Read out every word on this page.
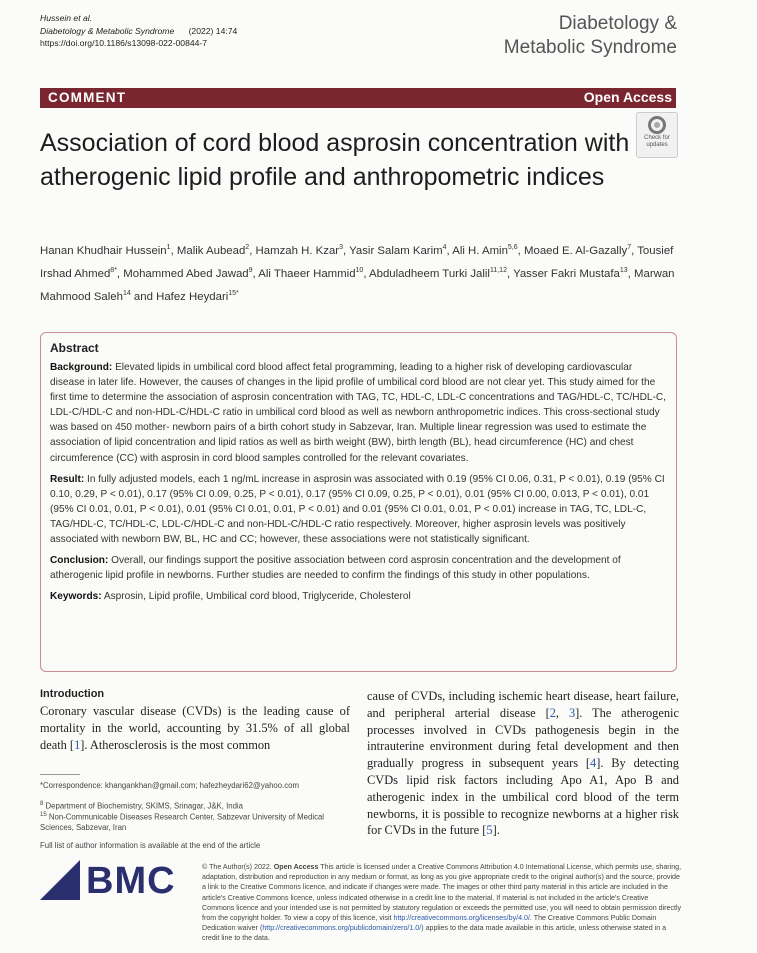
Hussein et al.
Diabetology & Metabolic Syndrome (2022) 14:74
https://doi.org/10.1186/s13098-022-00844-7
Diabetology &
Metabolic Syndrome
COMMENT	Open Access
Association of cord blood asprosin concentration with atherogenic lipid profile and anthropometric indices
Check for
updates
Hanan Khudhair Hussein$^1$, Malik Aubead$^2$, Hamzah H. Kzar$^3$, Yasir Salam Karim$^4$, Ali H. Amin$^{5,6}$, Moaed E. Al-Gazally$^7$, Tousief Irshad Ahmed$^{8*}$, Mohammed Abed Jawad$^9$, Ali Thaeer Hammid$^{10}$, Abduladheem Turki Jalil$^{11,12}$, Yasser Fakri Mustafa$^{13}$, Marwan Mahmood Saleh$^{14}$ and Hafez Heydari$^{15*}$
Abstract

Background: Elevated lipids in umbilical cord blood affect fetal programming, leading to a higher risk of developing cardiovascular disease in later life. However, the causes of changes in the lipid profile of umbilical cord blood are not clear yet. This study aimed for the first time to determine the association of asprosin concentration with TAG, TC, HDL-C, LDL-C concentrations and TAG/HDL-C, TC/HDL-C, LDL-C/HDL-C and non-HDL-C/HDL-C ratio in umbilical cord blood as well as newborn anthropometric indices. This cross-sectional study was based on 450 mother- newborn pairs of a birth cohort study in Sabzevar, Iran. Multiple linear regression was used to estimate the association of lipid concentration and lipid ratios as well as birth weight (BW), birth length (BL), head circumference (HC) and chest circumference (CC) with asprosin in cord blood samples controlled for the relevant covariates.

Result: In fully adjusted models, each 1 ng/mL increase in asprosin was associated with 0.19 (95% CI 0.06, 0.31, P < 0.01), 0.19 (95% CI 0.10, 0.29, P < 0.01), 0.17 (95% CI 0.09, 0.25, P < 0.01), 0.17 (95% CI 0.09, 0.25, P < 0.01), 0.01 (95% CI 0.00, 0.013, P < 0.01), 0.01 (95% CI 0.01, 0.01, P < 0.01), 0.01 (95% CI 0.01, 0.01, P < 0.01) and 0.01 (95% CI 0.01, 0.01, P < 0.01) increase in TAG, TC, LDL-C, TAG/HDL-C, TC/HDL-C, LDL-C/HDL-C and non-HDL-C/HDL-C ratio respectively. Moreover, higher asprosin levels was positively associated with newborn BW, BL, HC and CC; however, these associations were not statistically significant.

Conclusion: Overall, our findings support the positive association between cord asprosin concentration and the development of atherogenic lipid profile in newborns. Further studies are needed to confirm the findings of this study in other populations.

Keywords: Asprosin, Lipid profile, Umbilical cord blood, Triglyceride, Cholesterol

Introduction

Coronary vascular disease (CVDs) is the leading cause of mortality in the world, accounting by 31.5% of all global death [1]. Atherosclerosis is the most common

cause of CVDs, including ischemic heart disease, heart failure, and peripheral arterial disease [2, 3]. The atherogenic processes involved in CVDs pathogenesis begin in the intrauterine environment during fetal development and then gradually progress in subsequent years [4]. By detecting CVDs lipid risk factors including Apo A1, Apo B and atherogenic index in the umbilical cord blood of the term newborns, it is possible to recognize newborns at a higher risk for CVDs in the future [5].

*Correspondence: khangankhan@gmail.com; hafezheydari62@yahoo.com
$^8$ Department of Biochemistry, SKIMS, Srinagar, J&K, India
$^{15}$ Non-Communicable Diseases Research Center, Sabzevar University of Medical Sciences, Sabzevar, Iran
Full list of author information is available at the end of the article
BMC	© The Author(s) 2022. Open Access This article is licensed under a Creative Commons Attribution 4.0 International License, which permits use, sharing, adaptation, distribution and reproduction in any medium or format, as long as you give appropriate credit to the original author(s) and the source, provide a link to the Creative Commons licence, and indicate if changes were made. The images or other third party material in this article are included in the article's Creative Commons licence, unless indicated otherwise in a credit line to the material. If material is not included in the article's Creative Commons licence and your intended use is not permitted by statutory regulation or exceeds the permitted use, you will need to obtain permission directly from the copyright holder. To view a copy of this licence, visit http://creativecommons.org/licenses/by/4.0/. The Creative Commons Public Domain Dedication waiver (http://creativecommons.org/publicdomain/zero/1.0/) applies to the data made available in this article, unless otherwise stated in a credit line to the data.
